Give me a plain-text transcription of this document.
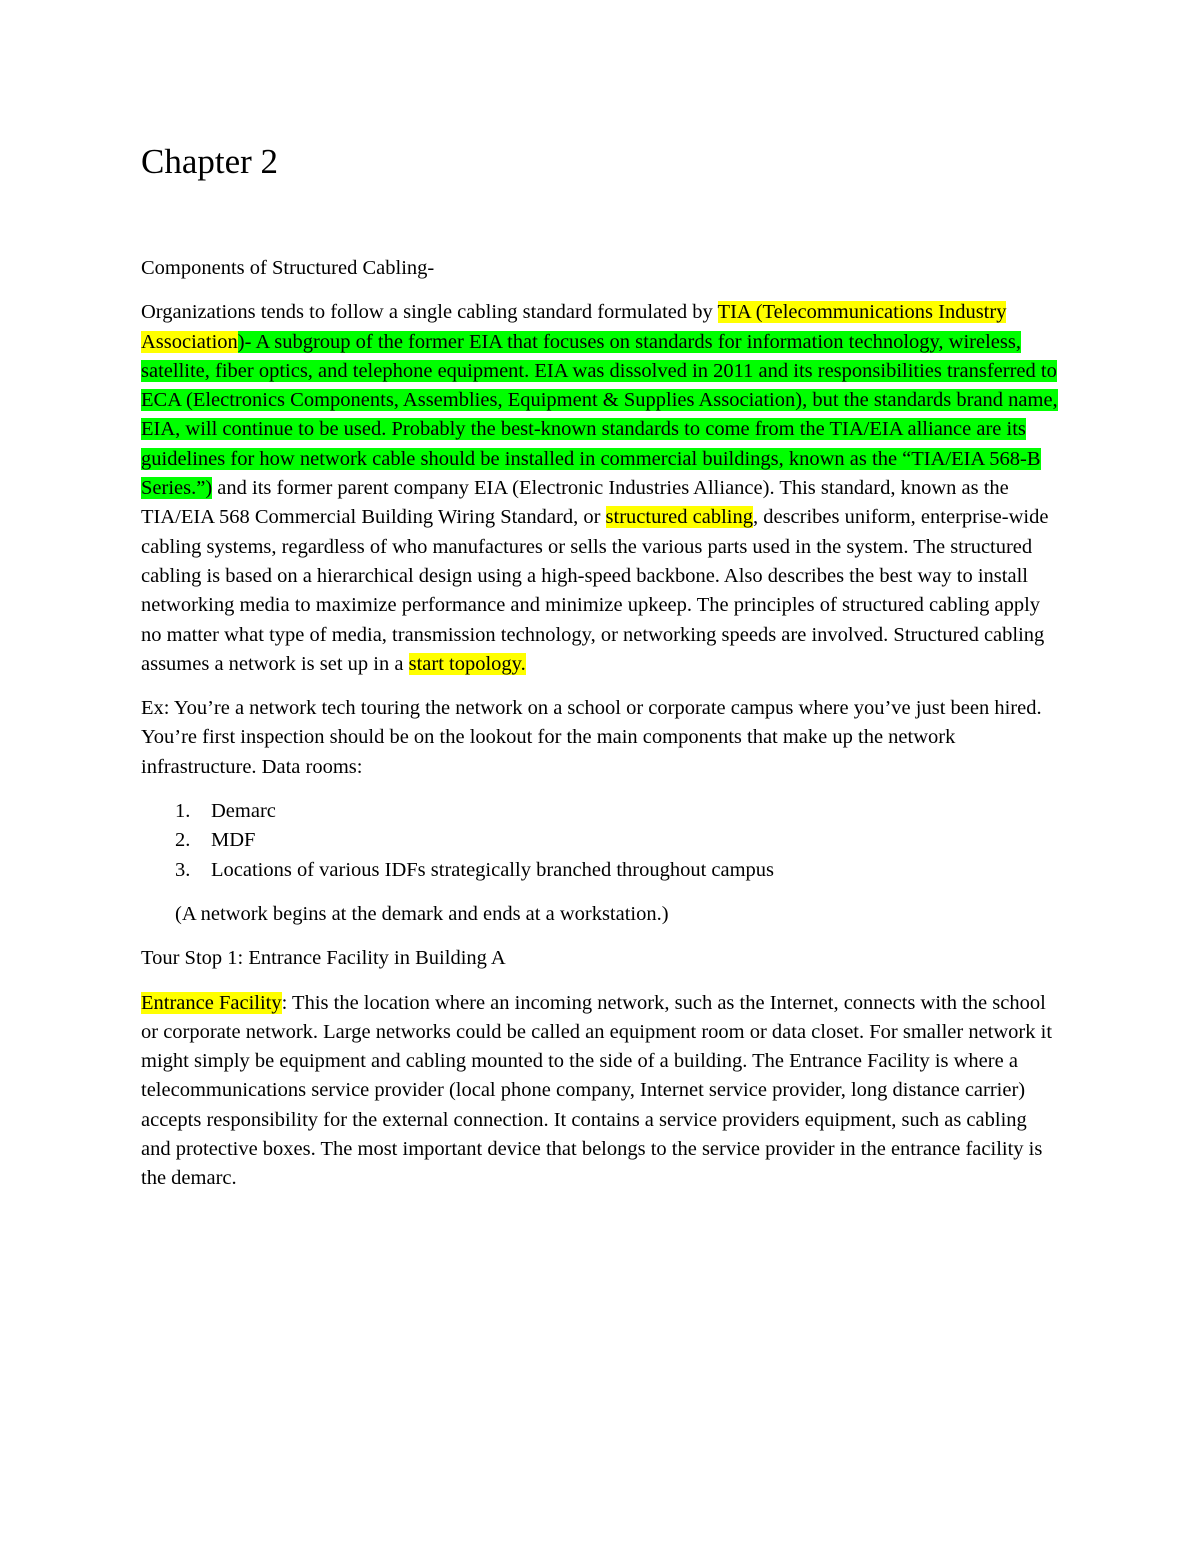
Chapter 2
Components of Structured Cabling-

Organizations tends to follow a single cabling standard formulated by TIA (Telecommunications Industry Association)- A subgroup of the former EIA that focuses on standards for information technology, wireless, satellite, fiber optics, and telephone equipment. EIA was dissolved in 2011 and its responsibilities transferred to ECA (Electronics Components, Assemblies, Equipment & Supplies Association), but the standards brand name, EIA, will continue to be used. Probably the best-known standards to come from the TIA/EIA alliance are its guidelines for how network cable should be installed in commercial buildings, known as the “TIA/EIA 568-B Series.”) and its former parent company EIA (Electronic Industries Alliance). This standard, known as the TIA/EIA 568 Commercial Building Wiring Standard, or structured cabling, describes uniform, enterprise-wide cabling systems, regardless of who manufactures or sells the various parts used in the system. The structured cabling is based on a hierarchical design using a high-speed backbone. Also describes the best way to install networking media to maximize performance and minimize upkeep. The principles of structured cabling apply no matter what type of media, transmission technology, or networking speeds are involved. Structured cabling assumes a network is set up in a start topology.

Ex: You’re a network tech touring the network on a school or corporate campus where you’ve just been hired. You’re first inspection should be on the lookout for the main components that make up the network infrastructure. Data rooms:

1. Demarc
2. MDF
3. Locations of various IDFs strategically branched throughout campus

(A network begins at the demark and ends at a workstation.)

Tour Stop 1: Entrance Facility in Building A

Entrance Facility: This the location where an incoming network, such as the Internet, connects with the school or corporate network. Large networks could be called an equipment room or data closet. For smaller network it might simply be equipment and cabling mounted to the side of a building. The Entrance Facility is where a telecommunications service provider (local phone company, Internet service provider, long distance carrier) accepts responsibility for the external connection. It contains a service providers equipment, such as cabling and protective boxes. The most important device that belongs to the service provider in the entrance facility is the demarc.
